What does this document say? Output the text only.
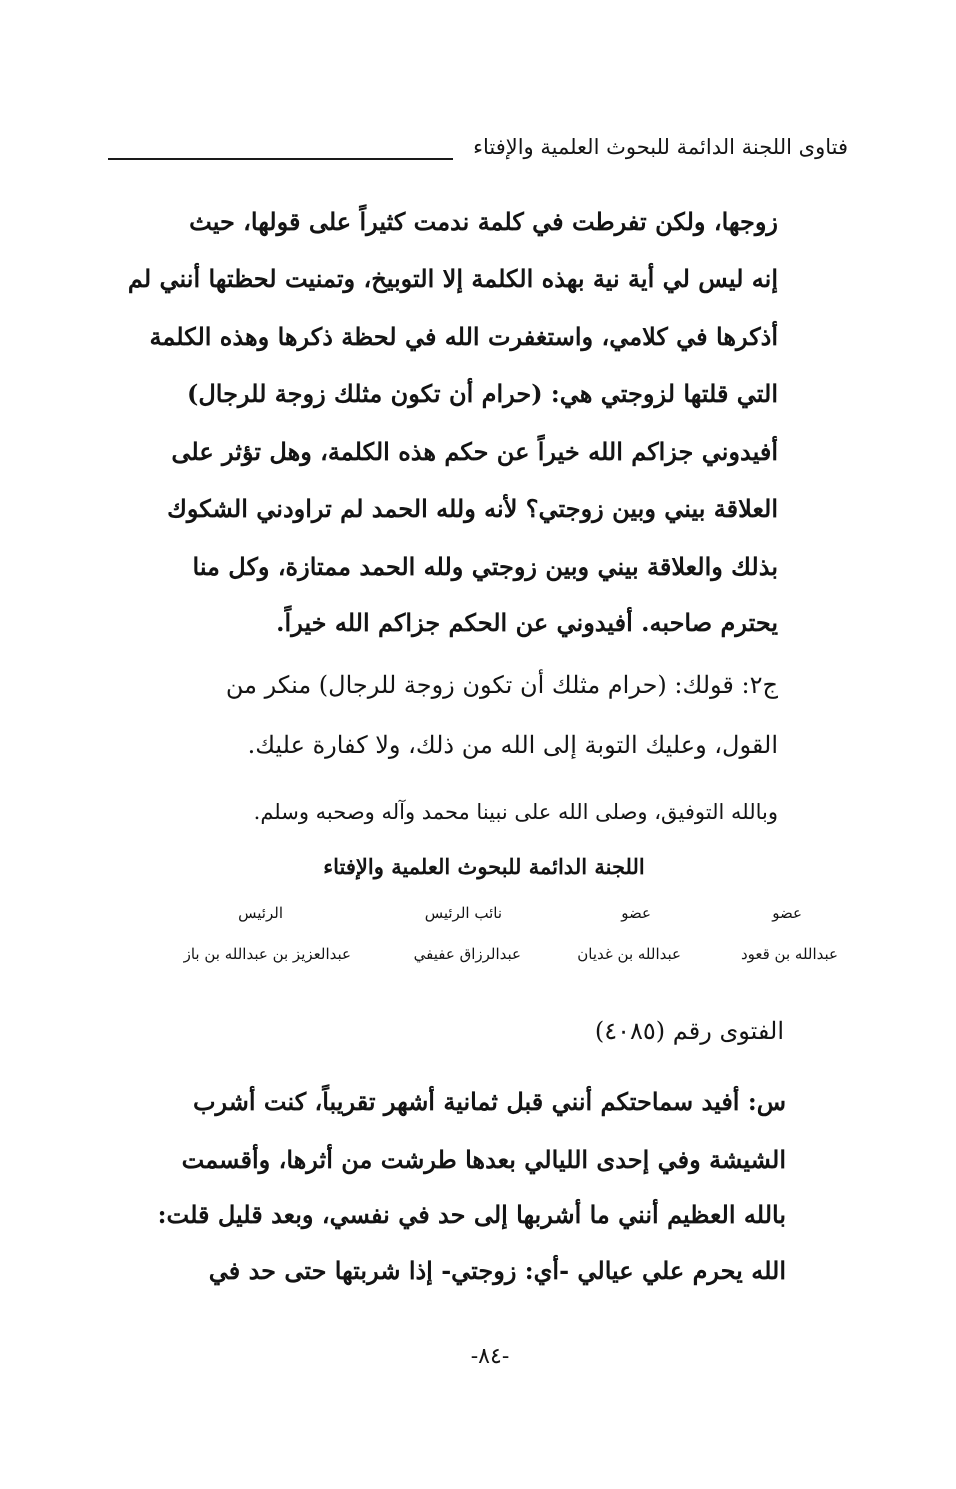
فتاوى اللجنة الدائمة للبحوث العلمية والإفتاء

زوجها، ولكن تفرطت في كلمة ندمت كثيراً على قولها، حيث

إنه ليس لي أية نية بهذه الكلمة إلا التوبيخ، وتمنيت لحظتها أنني لم

أذكرها في كلامي، واستغفرت الله في لحظة ذكرها وهذه الكلمة

التي قلتها لزوجتي هي: (حرام أن تكون مثلك زوجة للرجال)

أفيدوني جزاكم الله خيراً عن حكم هذه الكلمة، وهل تؤثر على

العلاقة بيني وبين زوجتي؟ لأنه ولله الحمد لم تراودني الشكوك

بذلك والعلاقة بيني وبين زوجتي ولله الحمد ممتازة، وكل منا

يحترم صاحبه. أفيدوني عن الحكم جزاكم الله خيراً.

ج٢: قولك: (حرام مثلك أن تكون زوجة للرجال) منكر من

القول، وعليك التوبة إلى الله من ذلك، ولا كفارة عليك.

وبالله التوفيق، وصلى الله على نبينا محمد وآله وصحبه وسلم.
اللجنة الدائمة للبحوث العلمية والإفتاء
عضو
عضو
نائب الرئيس
الرئيس
عبدالله بن قعود
عبدالله بن غديان
عبدالرزاق عفيفي
عبدالعزيز بن عبدالله بن باز
الفتوى رقم (٤٠٨٥)

س: أفيد سماحتكم أنني قبل ثمانية أشهر تقريباً، كنت أشرب

الشيشة وفي إحدى الليالي بعدها طرشت من أثرها، وأقسمت

بالله العظيم أنني ما أشربها إلى حد في نفسي، وبعد قليل قلت:

الله يحرم علي عيالي -أي: زوجتي- إذا شربتها حتى حد في

-٨٤-
